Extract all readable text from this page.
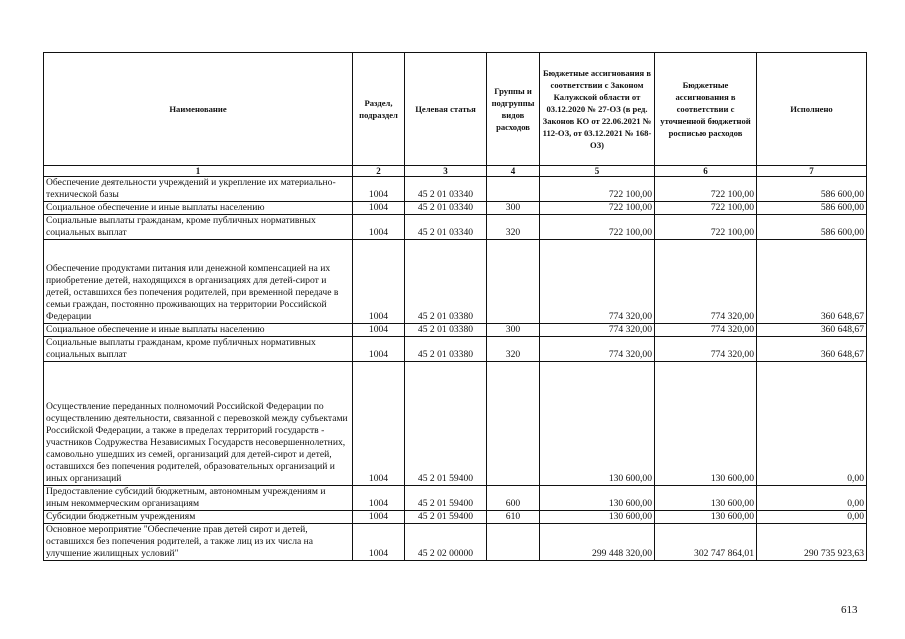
Наименование	Раздел, подраздел	Целевая статья	Группы и подгруппы видов расходов	Бюджетные ассигнования в соответствии с Законом Калужской области от 03.12.2020 № 27-ОЗ (в ред. Законов КО от 22.06.2021 № 112-ОЗ, от 03.12.2021 № 168-ОЗ)	Бюджетные ассигнования в соответствии с уточненной бюджетной росписью расходов	Исполнено
1	2	3	4	5	6	7
Обеспечение деятельности учреждений и укрепление их материально-технической базы	1004	45 2 01 03340		722 100,00	722 100,00	586 600,00
Социальное обеспечение и иные выплаты населению	1004	45 2 01 03340	300	722 100,00	722 100,00	586 600,00
Социальные выплаты гражданам, кроме публичных нормативных социальных выплат	1004	45 2 01 03340	320	722 100,00	722 100,00	586 600,00
Обеспечение продуктами питания или денежной компенсацией на их приобретение детей, находящихся в организациях для детей-сирот и детей, оставшихся без попечения родителей, при временной передаче в семьи граждан, постоянно проживающих на территории Российской Федерации	1004	45 2 01 03380		774 320,00	774 320,00	360 648,67
Социальное обеспечение и иные выплаты населению	1004	45 2 01 03380	300	774 320,00	774 320,00	360 648,67
Социальные выплаты гражданам, кроме публичных нормативных социальных выплат	1004	45 2 01 03380	320	774 320,00	774 320,00	360 648,67
Осуществление переданных полномочий Российской Федерации по осуществлению деятельности, связанной с перевозкой между субъектами Российской Федерации, а также в пределах территорий государств - участников Содружества Независимых Государств несовершеннолетних, самовольно ушедших из семей, организаций для детей-сирот и детей, оставшихся без попечения родителей, образовательных организаций и иных организаций	1004	45 2 01 59400		130 600,00	130 600,00	0,00
Предоставление субсидий бюджетным, автономным учреждениям и иным некоммерческим организациям	1004	45 2 01 59400	600	130 600,00	130 600,00	0,00
Субсидии бюджетным учреждениям	1004	45 2 01 59400	610	130 600,00	130 600,00	0,00
Основное мероприятие "Обеспечение прав детей сирот и детей, оставшихся без попечения родителей, а также лиц из их числа на улучшение жилищных условий"	1004	45 2 02 00000		299 448 320,00	302 747 864,01	290 735 923,63
613
